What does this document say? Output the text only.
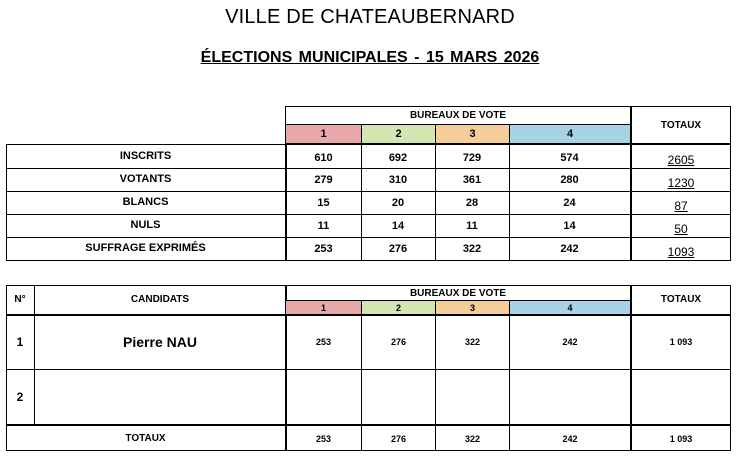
VILLE DE CHATEAUBERNARD
ÉLECTIONS MUNICIPALES - 15 MARS 2026
BUREAUX DE VOTE
1	2	3	4
TOTAUX
INSCRITS	610	692	729	574	2605
VOTANTS	279	310	361	280	1230
BLANCS	15	20	28	24	87
NULS	11	14	11	14	50
SUFFRAGE EXPRIMÉS	253	276	322	242	1093
N°	CANDIDATS
BUREAUX DE VOTE
1	2	3	4
TOTAUX
1	Pierre NAU	253	276	322	242	1 093
2
TOTAUX	253	276	322	242	1 093
